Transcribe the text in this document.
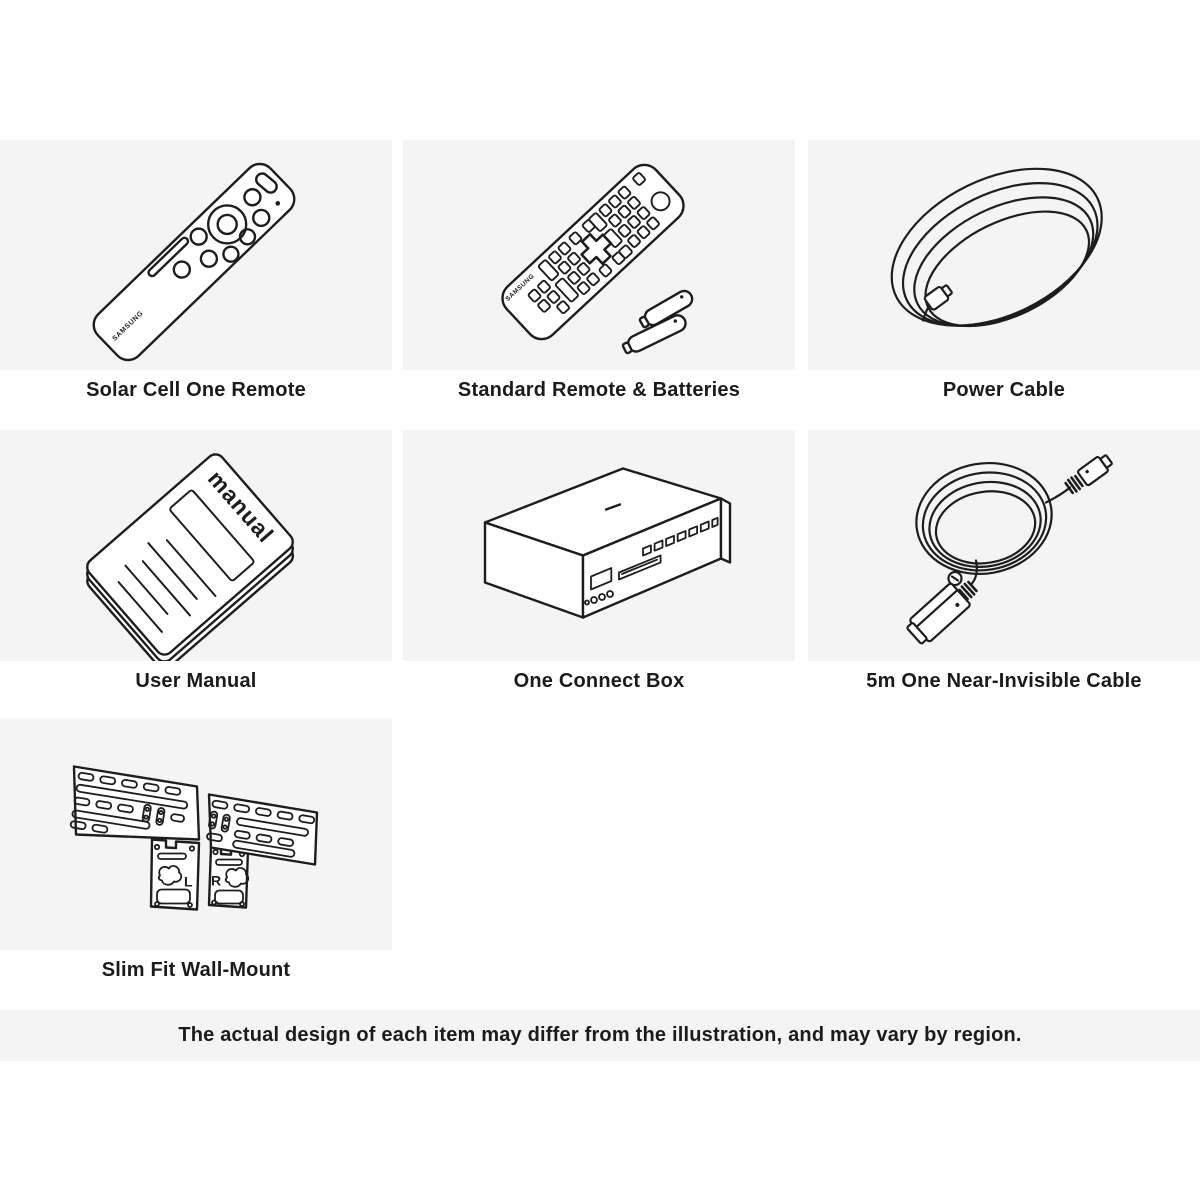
SAMSUNG
SAMSUNG
manual
L R
Solar Cell One Remote	Standard Remote & Batteries	Power Cable
User Manual	One Connect Box	5m One Near-Invisible Cable
Slim Fit Wall-Mount

The actual design of each item may differ from the illustration, and may vary by region.
